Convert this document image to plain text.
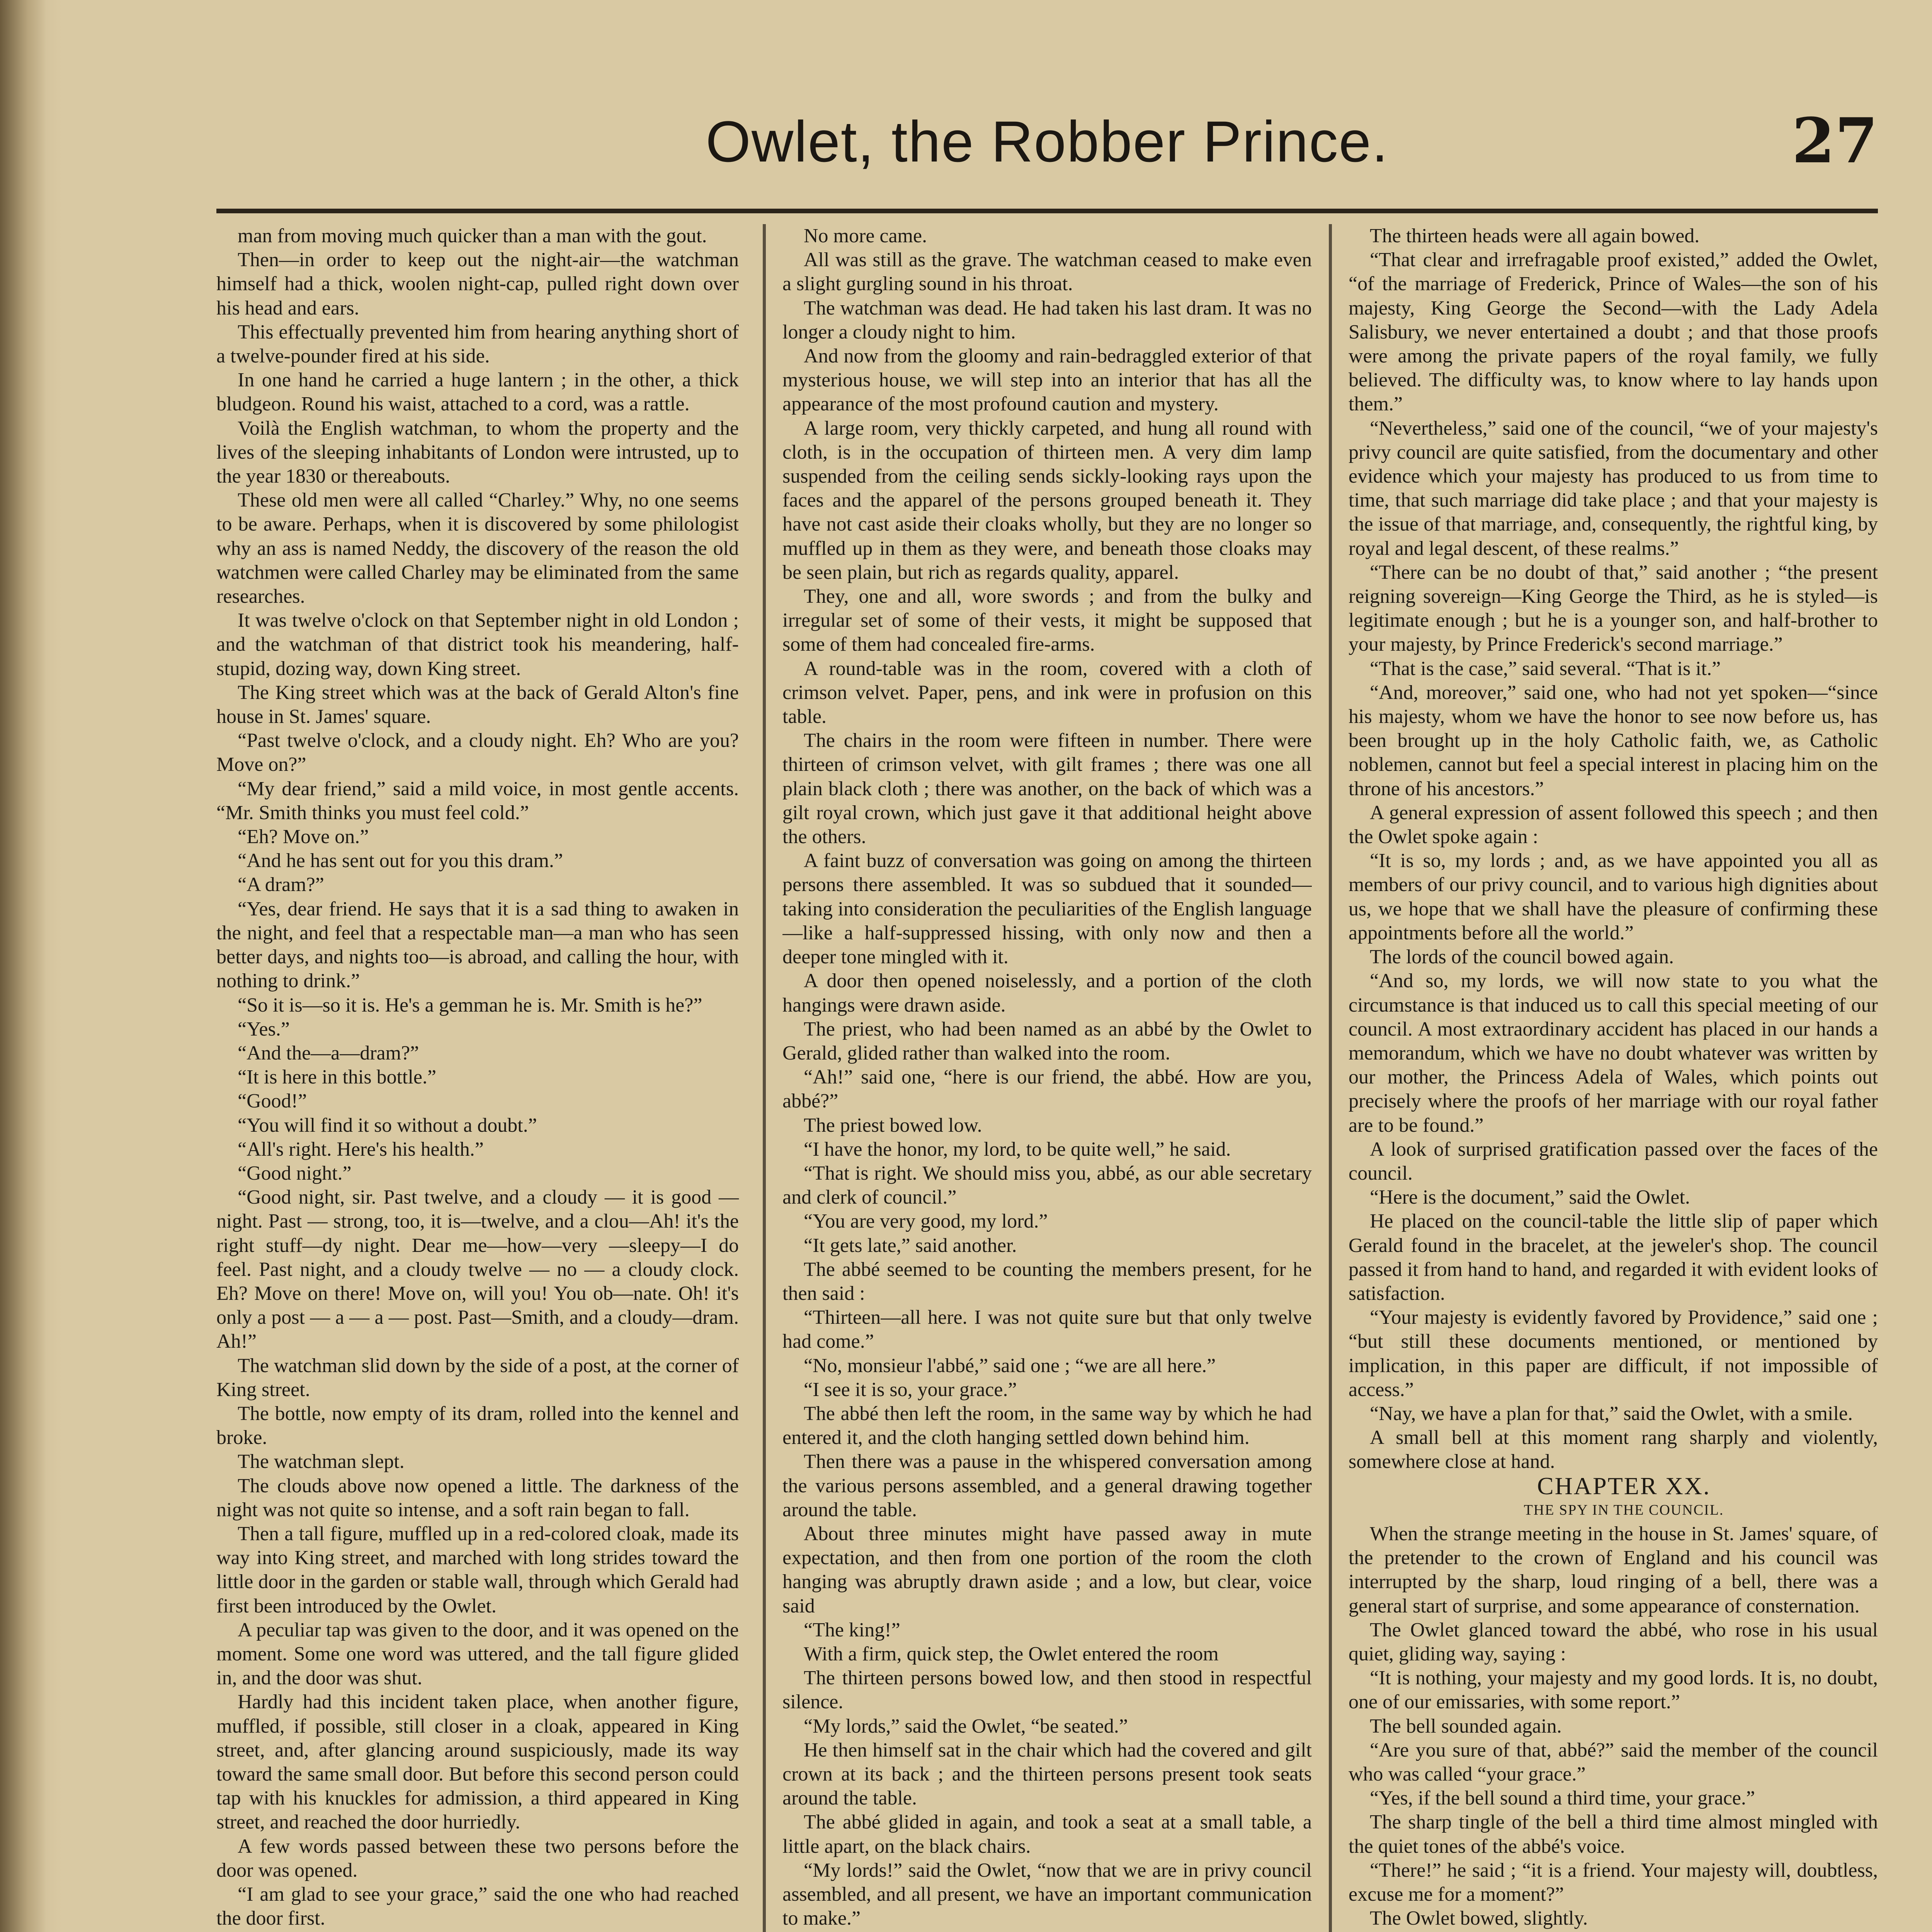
Owlet, the Robber Prince.	27

man from moving much quicker than a man with the gout.

Then—in order to keep out the night-air—the watchman himself had a thick, woolen night-cap, pulled right down over his head and ears.

This effectually prevented him from hearing anything short of a twelve-pounder fired at his side.

In one hand he carried a huge lantern ; in the other, a thick bludgeon. Round his waist, attached to a cord, was a rattle.

Voilà the English watchman, to whom the property and the lives of the sleeping inhabitants of London were intrusted, up to the year 1830 or thereabouts.

These old men were all called “Charley.” Why, no one seems to be aware. Perhaps, when it is discovered by some philologist why an ass is named Neddy, the discovery of the reason the old watchmen were called Charley may be eliminated from the same researches.

It was twelve o'clock on that September night in old London ; and the watchman of that district took his meandering, half-stupid, dozing way, down King street.

The King street which was at the back of Gerald Alton's fine house in St. James' square.

“Past twelve o'clock, and a cloudy night. Eh? Who are you? Move on?”

“My dear friend,” said a mild voice, in most gentle accents. “Mr. Smith thinks you must feel cold.”

“Eh? Move on.”

“And he has sent out for you this dram.”

“A dram?”

“Yes, dear friend. He says that it is a sad thing to awaken in the night, and feel that a respectable man—a man who has seen better days, and nights too—is abroad, and calling the hour, with nothing to drink.”

“So it is—so it is. He's a gemman he is. Mr. Smith is he?”

“Yes.”

“And the—a—dram?”

“It is here in this bottle.”

“Good!”

“You will find it so without a doubt.”

“All's right. Here's his health.”

“Good night.”

“Good night, sir. Past twelve, and a cloudy — it is good — night. Past — strong, too, it is—twelve, and a clou—Ah! it's the right stuff—dy night. Dear me—how—very —sleepy—I do feel. Past night, and a cloudy twelve — no — a cloudy clock. Eh? Move on there! Move on, will you! You ob—nate. Oh! it's only a post — a — a — post. Past—Smith, and a cloudy—dram. Ah!”

The watchman slid down by the side of a post, at the corner of King street.

The bottle, now empty of its dram, rolled into the kennel and broke.

The watchman slept.

The clouds above now opened a little. The darkness of the night was not quite so intense, and a soft rain began to fall.

Then a tall figure, muffled up in a red-colored cloak, made its way into King street, and marched with long strides toward the little door in the garden or stable wall, through which Gerald had first been introduced by the Owlet.

A peculiar tap was given to the door, and it was opened on the moment. Some one word was uttered, and the tall figure glided in, and the door was shut.

Hardly had this incident taken place, when another figure, muffled, if possible, still closer in a cloak, appeared in King street, and, after glancing around suspiciously, made its way toward the same small door. But before this second person could tap with his knuckles for admission, a third appeared in King street, and reached the door hurriedly.

A few words passed between these two persons before the door was opened.

“I am glad to see your grace,” said the one who had reached the door first.

No more came.

All was still as the grave. The watchman ceased to make even a slight gurgling sound in his throat.

The watchman was dead. He had taken his last dram. It was no longer a cloudy night to him.

And now from the gloomy and rain-bedraggled exterior of that mysterious house, we will step into an interior that has all the appearance of the most profound caution and mystery.

A large room, very thickly carpeted, and hung all round with cloth, is in the occupation of thirteen men. A very dim lamp suspended from the ceiling sends sickly-looking rays upon the faces and the apparel of the persons grouped beneath it. They have not cast aside their cloaks wholly, but they are no longer so muffled up in them as they were, and beneath those cloaks may be seen plain, but rich as regards quality, apparel.

They, one and all, wore swords ; and from the bulky and irregular set of some of their vests, it might be supposed that some of them had concealed fire-arms.

A round-table was in the room, covered with a cloth of crimson velvet. Paper, pens, and ink were in profusion on this table.

The chairs in the room were fifteen in number. There were thirteen of crimson velvet, with gilt frames ; there was one all plain black cloth ; there was another, on the back of which was a gilt royal crown, which just gave it that additional height above the others.

A faint buzz of conversation was going on among the thirteen persons there assembled. It was so subdued that it sounded—taking into consideration the peculiarities of the English language—like a half-suppressed hissing, with only now and then a deeper tone mingled with it.

A door then opened noiselessly, and a portion of the cloth hangings were drawn aside.

The priest, who had been named as an abbé by the Owlet to Gerald, glided rather than walked into the room.

“Ah!” said one, “here is our friend, the abbé. How are you, abbé?”

The priest bowed low.

“I have the honor, my lord, to be quite well,” he said.

“That is right. We should miss you, abbé, as our able secretary and clerk of council.”

“You are very good, my lord.”

“It gets late,” said another.

The abbé seemed to be counting the members present, for he then said :

“Thirteen—all here. I was not quite sure but that only twelve had come.”

“No, monsieur l'abbé,” said one ; “we are all here.”

“I see it is so, your grace.”

The abbé then left the room, in the same way by which he had entered it, and the cloth hanging settled down behind him.

Then there was a pause in the whispered conversation among the various persons assembled, and a general drawing together around the table.

About three minutes might have passed away in mute expectation, and then from one portion of the room the cloth hanging was abruptly drawn aside ; and a low, but clear, voice said

“The king!”

With a firm, quick step, the Owlet entered the room

The thirteen persons bowed low, and then stood in respectful silence.

“My lords,” said the Owlet, “be seated.”

He then himself sat in the chair which had the covered and gilt crown at its back ; and the thirteen persons present took seats around the table.

The abbé glided in again, and took a seat at a small table, a little apart, on the black chairs.

“My lords!” said the Owlet, “now that we are in privy council assembled, and all present, we have an important communication to make.”

The thirteen heads were all again bowed.

“That clear and irrefragable proof existed,” added the Owlet, “of the marriage of Frederick, Prince of Wales—the son of his majesty, King George the Second—with the Lady Adela Salisbury, we never entertained a doubt ; and that those proofs were among the private papers of the royal family, we fully believed. The difficulty was, to know where to lay hands upon them.”

“Nevertheless,” said one of the council, “we of your majesty's privy council are quite satisfied, from the documentary and other evidence which your majesty has produced to us from time to time, that such marriage did take place ; and that your majesty is the issue of that marriage, and, consequently, the rightful king, by royal and legal descent, of these realms.”

“There can be no doubt of that,” said another ; “the present reigning sovereign—King George the Third, as he is styled—is legitimate enough ; but he is a younger son, and half-brother to your majesty, by Prince Frederick's second marriage.”

“That is the case,” said several. “That is it.”

“And, moreover,” said one, who had not yet spoken—“since his majesty, whom we have the honor to see now before us, has been brought up in the holy Catholic faith, we, as Catholic noblemen, cannot but feel a special interest in placing him on the throne of his ancestors.”

A general expression of assent followed this speech ; and then the Owlet spoke again :

“It is so, my lords ; and, as we have appointed you all as members of our privy council, and to various high dignities about us, we hope that we shall have the pleasure of confirming these appointments before all the world.”

The lords of the council bowed again.

“And so, my lords, we will now state to you what the circumstance is that induced us to call this special meeting of our council. A most extraordinary accident has placed in our hands a memorandum, which we have no doubt whatever was written by our mother, the Princess Adela of Wales, which points out precisely where the proofs of her marriage with our royal father are to be found.”

A look of surprised gratification passed over the faces of the council.

“Here is the document,” said the Owlet.

He placed on the council-table the little slip of paper which Gerald found in the bracelet, at the jeweler's shop. The council passed it from hand to hand, and regarded it with evident looks of satisfaction.

“Your majesty is evidently favored by Providence,” said one ; “but still these documents mentioned, or mentioned by implication, in this paper are difficult, if not impossible of access.”

“Nay, we have a plan for that,” said the Owlet, with a smile.

A small bell at this moment rang sharply and violently, somewhere close at hand.

CHAPTER XX.

THE SPY IN THE COUNCIL.

When the strange meeting in the house in St. James' square, of the pretender to the crown of England and his council was interrupted by the sharp, loud ringing of a bell, there was a general start of surprise, and some appearance of consternation.

The Owlet glanced toward the abbé, who rose in his usual quiet, gliding way, saying :

“It is nothing, your majesty and my good lords. It is, no doubt, one of our emissaries, with some report.”

The bell sounded again.

“Are you sure of that, abbé?” said the member of the council who was called “your grace.”

“Yes, if the bell sound a third time, your grace.”

The sharp tingle of the bell a third time almost mingled with the quiet tones of the abbé's voice.

“There!” he said ; “it is a friend. Your majesty will, doubtless, excuse me for a moment?”

The Owlet bowed, slightly.
